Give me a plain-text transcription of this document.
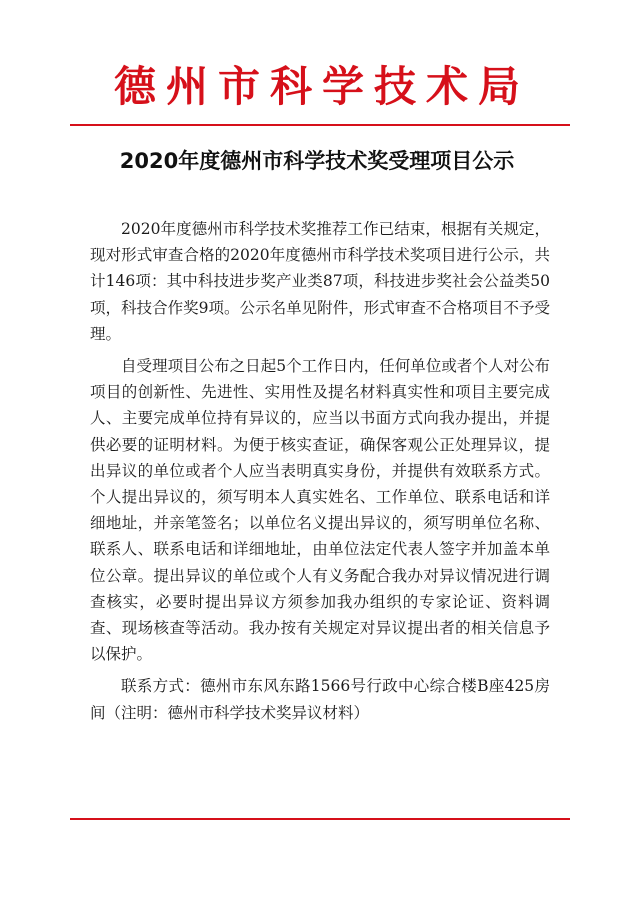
德州市科学技术局
2020年度德州市科学技术奖受理项目公示

2020年度德州市科学技术奖推荐工作已结束，根据有关规定，现对形式审查合格的2020年度德州市科学技术奖项目进行公示，共计146项：其中科技进步奖产业类87项，科技进步奖社会公益类50项，科技合作奖9项。公示名单见附件，形式审查不合格项目不予受理。

自受理项目公布之日起5个工作日内，任何单位或者个人对公布项目的创新性、先进性、实用性及提名材料真实性和项目主要完成人、主要完成单位持有异议的，应当以书面方式向我办提出，并提供必要的证明材料。为便于核实查证，确保客观公正处理异议，提出异议的单位或者个人应当表明真实身份，并提供有效联系方式。个人提出异议的，须写明本人真实姓名、工作单位、联系电话和详细地址，并亲笔签名；以单位名义提出异议的，须写明单位名称、联系人、联系电话和详细地址，由单位法定代表人签字并加盖本单位公章。提出异议的单位或个人有义务配合我办对异议情况进行调查核实，必要时提出异议方须参加我办组织的专家论证、资料调查、现场核查等活动。我办按有关规定对异议提出者的相关信息予以保护。

联系方式：德州市东风东路1566号行政中心综合楼B座425房间（注明：德州市科学技术奖异议材料）
